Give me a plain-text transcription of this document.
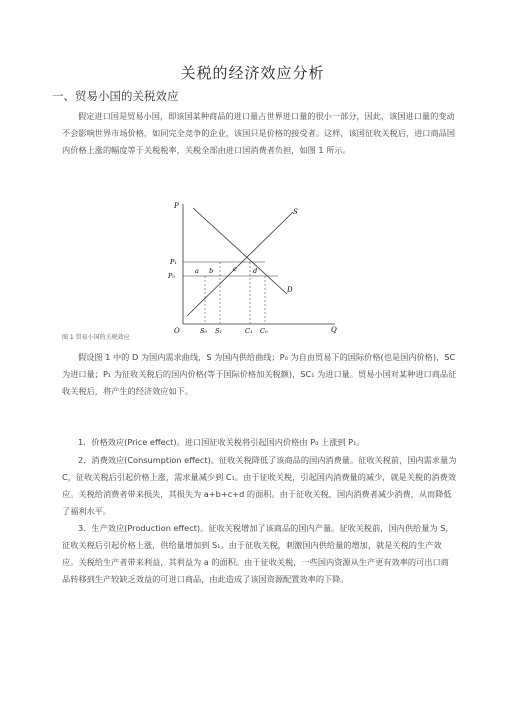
关税的经济效应分析
一、贸易小国的关税效应

假定进口国是贸易小国，即该国某种商品的进口量占世界进口量的很小一部分，因此，该国进口量的变动不会影响世界市场价格，如同完全竞争的企业，该国只是价格的接受者。这样，该国征收关税后，进口商品国内价格上涨的幅度等于关税税率，关税全部由进口国消费者负担，如图 1 所示。

P
Q
O
S
D
P₁
P₀
a b	c	d
S₀ S₁	C₁ C₀
图 1 贸易小国的关税效应

假设图 1 中的 D 为国内需求曲线，S 为国内供给曲线；P₀ 为自由贸易下的国际价格(也是国内价格)，SC 为进口量；P₁ 为征收关税后的国内价格(等于国际价格加关税额)，SC₁ 为进口量。贸易小国对某种进口商品征收关税后，将产生的经济效应如下。

1．价格效应(Price effect)。进口国征收关税将引起国内价格由 P₀ 上涨到 P₁。

2．消费效应(Consumption effect)。征收关税降低了该商品的国内消费量。征收关税前，国内需求量为 C，征收关税后引起价格上涨，需求量减少到 C₁。由于征收关税，引起国内消费量的减少，就是关税的消费效应。关税给消费者带来损失，其损失为 a+b+c+d 的面积。由于征收关税，国内消费者减少消费，从而降低了福利水平。

3．生产效应(Production effect)。征收关税增加了该商品的国内产量。征收关税前，国内供给量为 S，征收关税后引起价格上涨，供给量增加到 S₁。由于征收关税，刺激国内供给量的增加，就是关税的生产效应。关税给生产者带来利益，其利益为 a 的面积。由于征收关税，一些国内资源从生产更有效率的可出口商品转移到生产较缺乏效益的可进口商品，由此造成了该国资源配置效率的下降。
